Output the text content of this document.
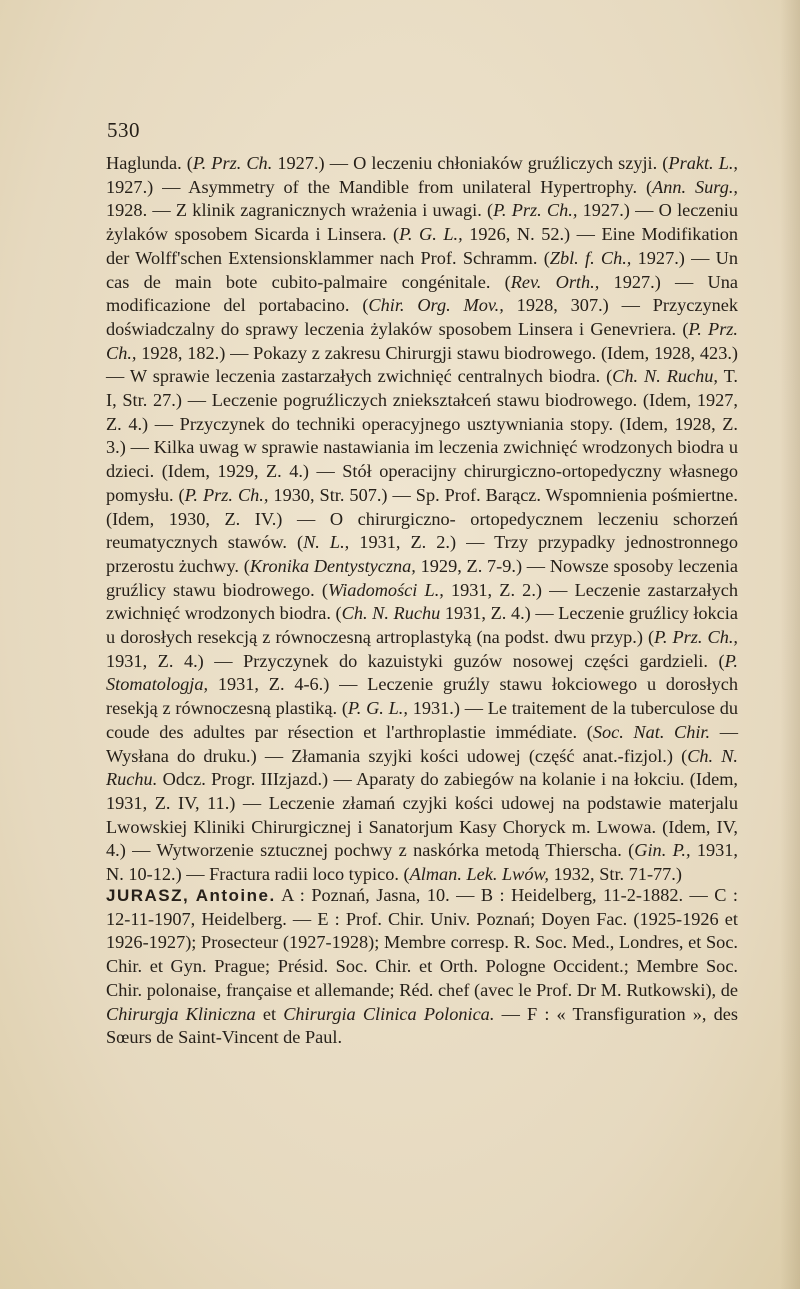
530
Haglunda. (P. Prz. Ch. 1927.) — O leczeniu chłoniaków gruźliczych szyji. (Prakt. L., 1927.) — Asymmetry of the Mandible from unilateral Hypertrophy. (Ann. Surg., 1928. — Z klinik zagranicznych wrażenia i uwagi. (P. Prz. Ch., 1927.) — O leczeniu żylaków sposobem Sicarda i Linsera. (P. G. L., 1926, N. 52.) — Eine Modifikation der Wolff'schen Extensionsklammer nach Prof. Schramm. (Zbl. f. Ch., 1927.) — Un cas de main bote cubito-palmaire congénitale. (Rev. Orth., 1927.) — Una modificazione del portabacino. (Chir. Org. Mov., 1928, 307.) — Przyczynek doświadczalny do sprawy leczenia żylaków sposobem Linsera i Genevriera. (P. Prz. Ch., 1928, 182.) — Pokazy z zakresu Chirurgji stawu biodrowego. (Idem, 1928, 423.) — W sprawie leczenia zastarzałych zwichnięć centralnych biodra. (Ch. N. Ruchu, T. I, Str. 27.) — Leczenie pogruźliczych zniekształceń stawu biodrowego. (Idem, 1927, Z. 4.) — Przyczynek do techniki operacyjnego usztywniania stopy. (Idem, 1928, Z. 3.) — Kilka uwag w sprawie nastawiania im leczenia zwichnięć wrodzonych biodra u dzieci. (Idem, 1929, Z. 4.) — Stół operacijny chirurgiczno-ortopedyczny własnego pomysłu. (P. Prz. Ch., 1930, Str. 507.) — Sp. Prof. Barącz. Wspomnienia pośmiertne. (Idem, 1930, Z. IV.) — O chirurgiczno- ortopedycznem leczeniu schorzeń reumatycznych stawów. (N. L., 1931, Z. 2.) — Trzy przypadky jednostronnego przerostu żuchwy. (Kronika Dentystyczna, 1929, Z. 7-9.) — Nowsze sposoby leczenia gruźlicy stawu biodrowego. (Wiadomości L., 1931, Z. 2.) — Leczenie zastarzałych zwichnięć wrodzonych biodra. (Ch. N. Ruchu 1931, Z. 4.) — Leczenie gruźlicy łokcia u dorosłych resekcją z równoczesną artroplastyką (na podst. dwu przyp.) (P. Prz. Ch., 1931, Z. 4.) — Przyczynek do kazuistyki guzów nosowej części gardzieli. (P. Stomatologja, 1931, Z. 4-6.) — Leczenie gruźly stawu łokciowego u dorosłych resekją z równoczesną plastiką. (P. G. L., 1931.) — Le traitement de la tuberculose du coude des adultes par résection et l'arthroplastie immédiate. (Soc. Nat. Chir. — Wysłana do druku.) — Złamania szyjki kości udowej (część anat.-fizjol.) (Ch. N. Ruchu. Odcz. Progr. IIIzjazd.) — Aparaty do zabiegów na kolanie i na łokciu. (Idem, 1931, Z. IV, 11.) — Leczenie złamań czyjki kości udowej na podstawie materjalu Lwowskiej Kliniki Chirurgicznej i Sanatorjum Kasy Choryck m. Lwowa. (Idem, IV, 4.) — Wytworzenie sztucznej pochwy z naskórka metodą Thierscha. (Gin. P., 1931, N. 10-12.) — Fractura radii loco typico. (Alman. Lek. Lwów, 1932, Str. 71-77.)
JURASZ, Antoine. A : Poznań, Jasna, 10. — B : Heidelberg, 11-2-1882. — C : 12-11-1907, Heidelberg. — E : Prof. Chir. Univ. Poznań; Doyen Fac. (1925-1926 et 1926-1927); Prosecteur (1927-1928); Membre corresp. R. Soc. Med., Londres, et Soc. Chir. et Gyn. Prague; Présid. Soc. Chir. et Orth. Pologne Occident.; Membre Soc. Chir. polonaise, française et allemande; Réd. chef (avec le Prof. Dr M. Rutkowski), de Chirurgja Kliniczna et Chirurgia Clinica Polonica. — F : « Transfiguration », des Sœurs de Saint-Vincent de Paul.
